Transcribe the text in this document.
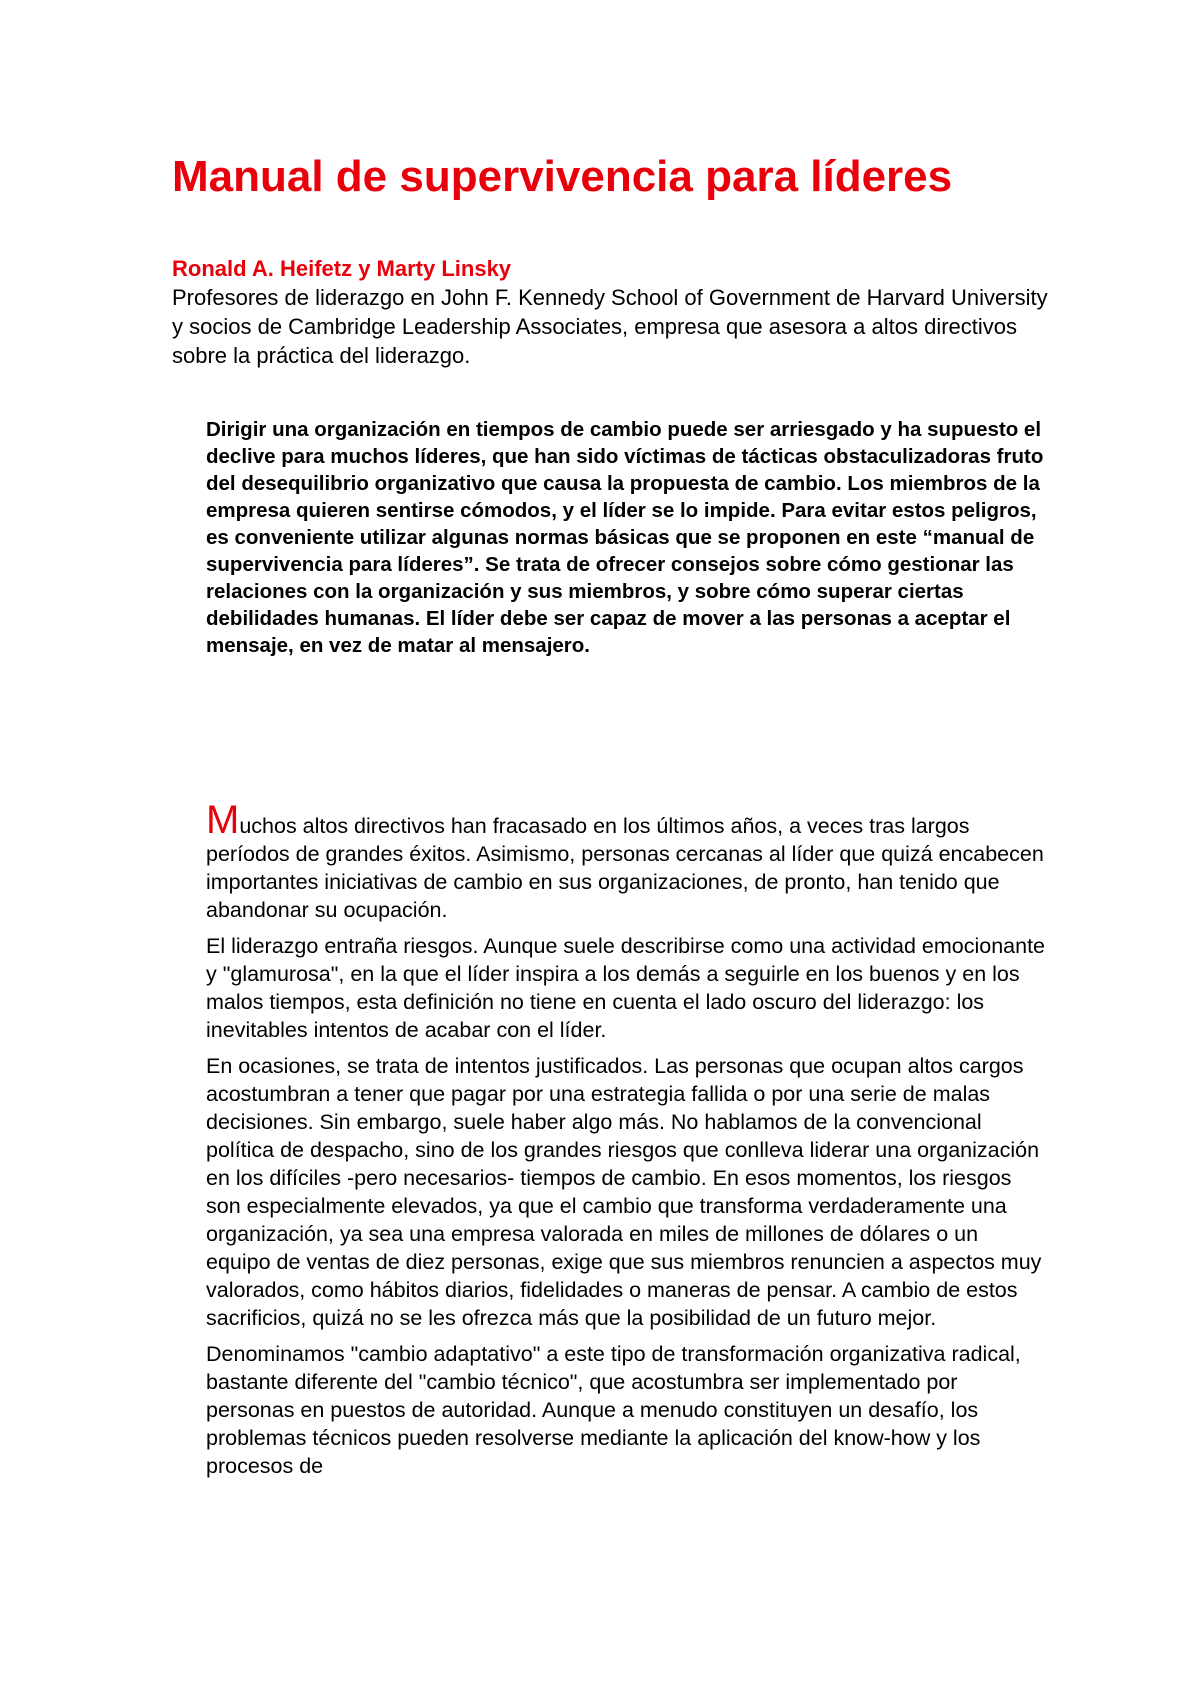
Manual de supervivencia para líderes

Ronald A. Heifetz y Marty Linsky

Profesores de liderazgo en John F. Kennedy School of Government de Harvard University y socios de Cambridge Leadership Associates, empresa que asesora a altos directivos sobre la práctica del liderazgo.

Dirigir una organización en tiempos de cambio puede ser arriesgado y ha supuesto el declive para muchos líderes, que han sido víctimas de tácticas obstaculizadoras fruto del desequilibrio organizativo que causa la propuesta de cambio. Los miembros de la empresa quieren sentirse cómodos, y el líder se lo impide. Para evitar estos peligros, es conveniente utilizar algunas normas básicas que se proponen en este “manual de supervivencia para líderes”. Se trata de ofrecer consejos sobre cómo gestionar las relaciones con la organización y sus miembros, y sobre cómo superar ciertas debilidades humanas. El líder debe ser capaz de mover a las personas a aceptar el mensaje, en vez de matar al mensajero.

Muchos altos directivos han fracasado en los últimos años, a veces tras largos períodos de grandes éxitos. Asimismo, personas cercanas al líder que quizá encabecen importantes iniciativas de cambio en sus organizaciones, de pronto, han tenido que abandonar su ocupación.

El liderazgo entraña riesgos. Aunque suele describirse como una actividad emocionante y "glamurosa", en la que el líder inspira a los demás a seguirle en los buenos y en los malos tiempos, esta definición no tiene en cuenta el lado oscuro del liderazgo: los inevitables intentos de acabar con el líder.

En ocasiones, se trata de intentos justificados. Las personas que ocupan altos cargos acostumbran a tener que pagar por una estrategia fallida o por una serie de malas decisiones. Sin embargo, suele haber algo más. No hablamos de la convencional política de despacho, sino de los grandes riesgos que conlleva liderar una organización en los difíciles -pero necesarios- tiempos de cambio. En esos momentos, los riesgos son especialmente elevados, ya que el cambio que transforma verdaderamente una organización, ya sea una empresa valorada en miles de millones de dólares o un equipo de ventas de diez personas, exige que sus miembros renuncien a aspectos muy valorados, como hábitos diarios, fidelidades o maneras de pensar. A cambio de estos sacrificios, quizá no se les ofrezca más que la posibilidad de un futuro mejor.

Denominamos "cambio adaptativo" a este tipo de transformación organizativa radical, bastante diferente del "cambio técnico", que acostumbra ser implementado por personas en puestos de autoridad. Aunque a menudo constituyen un desafío, los problemas técnicos pueden resolverse mediante la aplicación del know-how y los procesos de
